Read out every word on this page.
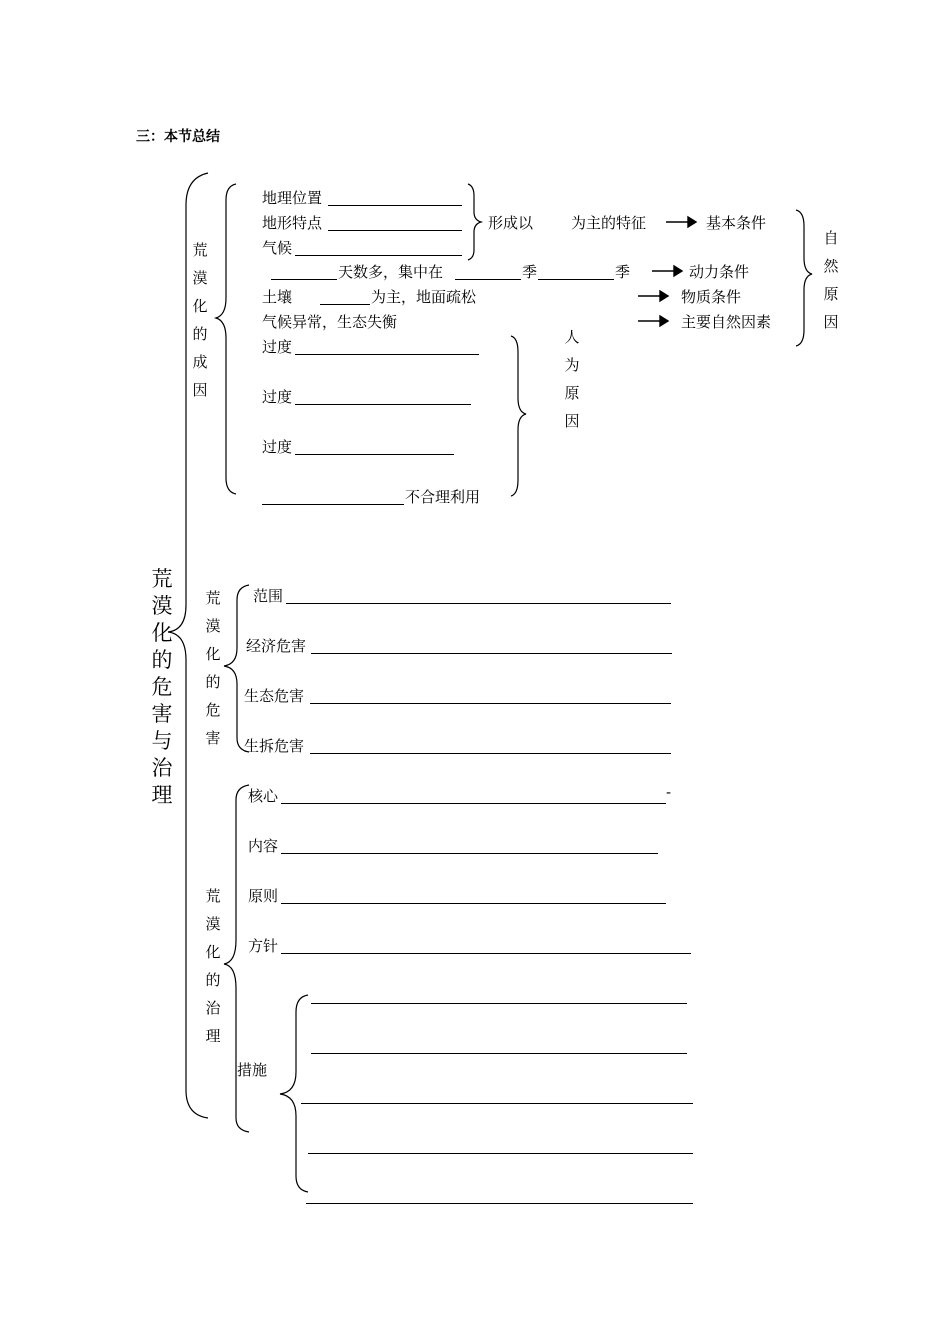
三：本节总结
荒漠化的危害与治理
荒漠化的成因
地理位置
地形特点
气候
形成以	为主的特征	基本条件
天数多，集中在	季	季	动力条件
土壤	为主，地面疏松	物质条件
气候异常，生态失衡	主要自然因素
自然原因
过度
过度
过度
不合理利用
人为原因
荒漠化的危害
范围
经济危害
生态危害
生拆危害
荒漠化的治理
核心	-
内容
原则
方针
措施
